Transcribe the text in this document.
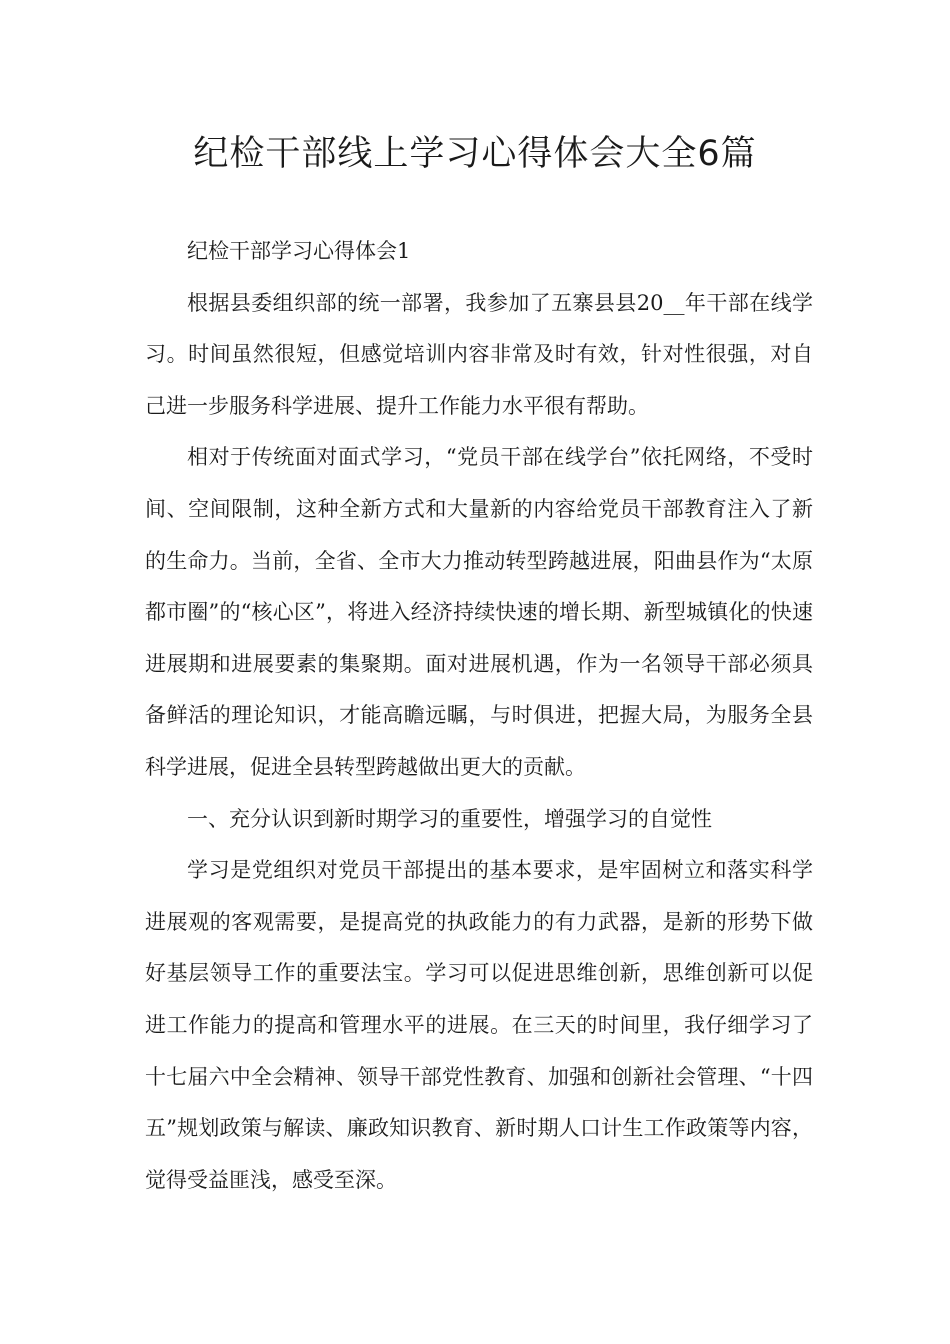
纪检干部线上学习心得体会大全6篇

纪检干部学习心得体会1

根据县委组织部的统一部署，我参加了五寨县县20__年干部在线学习。时间虽然很短，但感觉培训内容非常及时有效，针对性很强，对自己进一步服务科学进展、提升工作能力水平很有帮助。

相对于传统面对面式学习，“党员干部在线学台”依托网络，不受时间、空间限制，这种全新方式和大量新的内容给党员干部教育注入了新的生命力。当前，全省、全市大力推动转型跨越进展，阳曲县作为“太原都市圈”的“核心区”，将进入经济持续快速的增长期、新型城镇化的快速进展期和进展要素的集聚期。面对进展机遇，作为一名领导干部必须具备鲜活的理论知识，才能高瞻远瞩，与时俱进，把握大局，为服务全县科学进展，促进全县转型跨越做出更大的贡献。

一、充分认识到新时期学习的重要性，增强学习的自觉性

学习是党组织对党员干部提出的基本要求，是牢固树立和落实科学进展观的客观需要，是提高党的执政能力的有力武器，是新的形势下做好基层领导工作的重要法宝。学习可以促进思维创新，思维创新可以促进工作能力的提高和管理水平的进展。在三天的时间里，我仔细学习了十七届六中全会精神、领导干部党性教育、加强和创新社会管理、“十四五”规划政策与解读、廉政知识教育、新时期人口计生工作政策等内容，觉得受益匪浅，感受至深。
